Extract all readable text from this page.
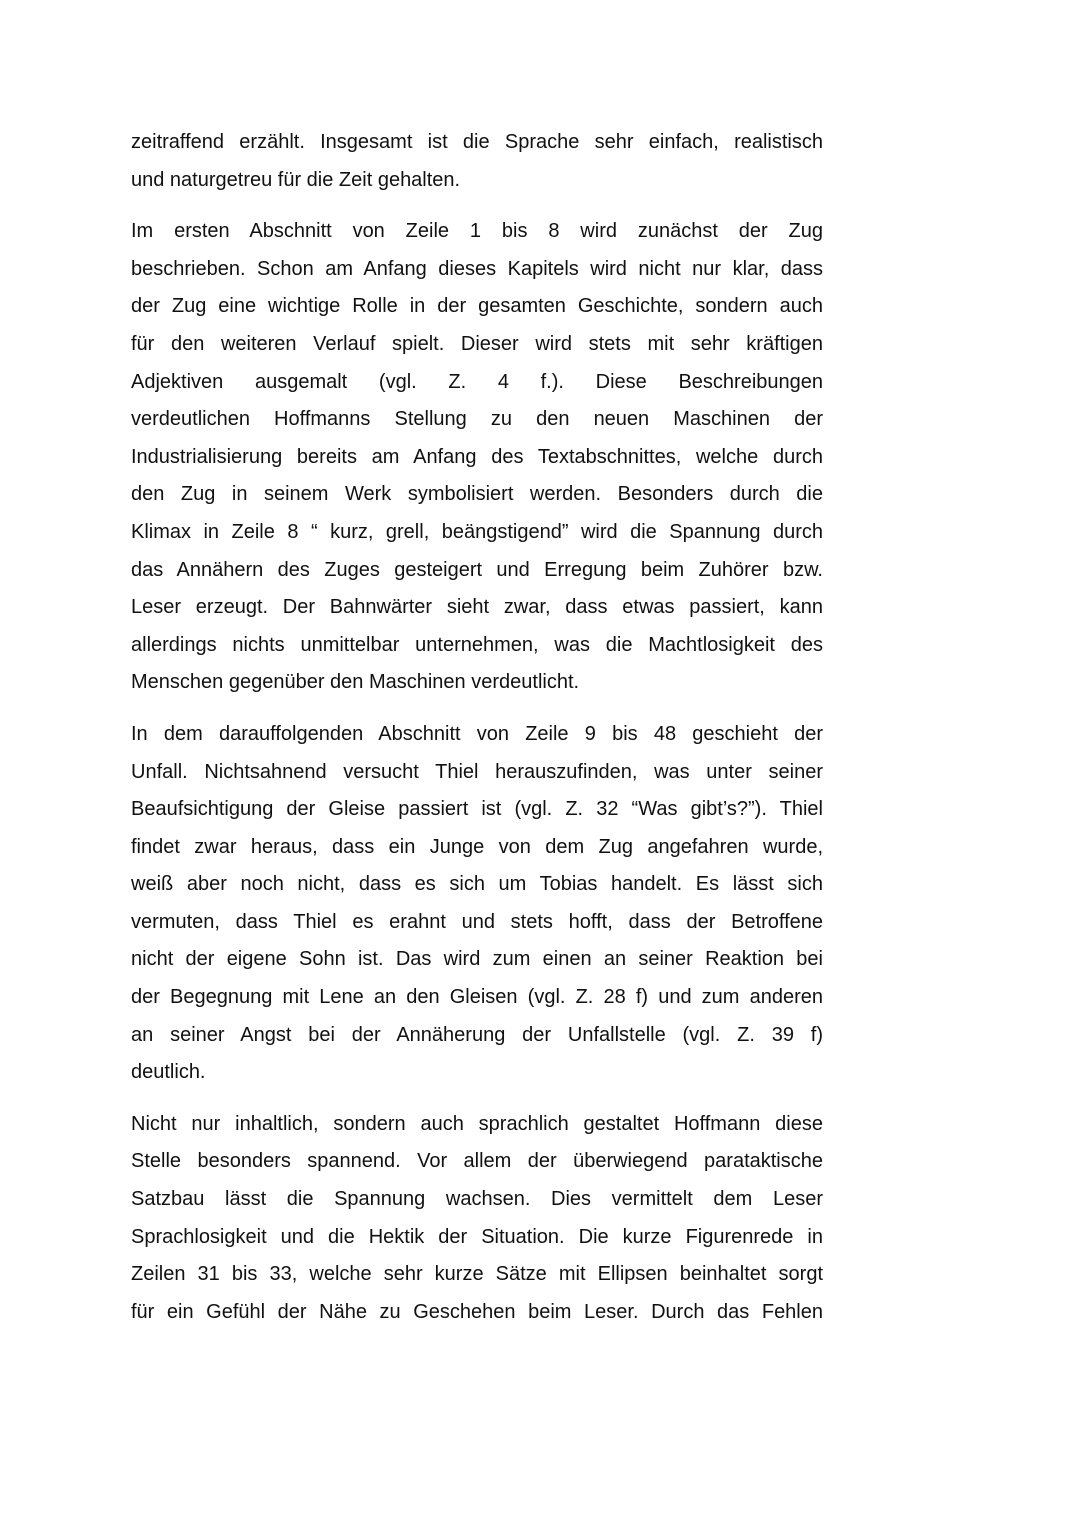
zeitraffend erzählt. Insgesamt ist die Sprache sehr einfach, realistisch
und naturgetreu für die Zeit gehalten.
Im ersten Abschnitt von Zeile 1 bis 8 wird zunächst der Zug
beschrieben. Schon am Anfang dieses Kapitels wird nicht nur klar, dass
der Zug eine wichtige Rolle in der gesamten Geschichte, sondern auch
für den weiteren Verlauf spielt. Dieser wird stets mit sehr kräftigen
Adjektiven ausgemalt (vgl. Z. 4 f.). Diese Beschreibungen
verdeutlichen Hoffmanns Stellung zu den neuen Maschinen der
Industrialisierung bereits am Anfang des Textabschnittes, welche durch
den Zug in seinem Werk symbolisiert werden. Besonders durch die
Klimax in Zeile 8 “ kurz, grell, beängstigend” wird die Spannung durch
das Annähern des Zuges gesteigert und Erregung beim Zuhörer bzw.
Leser erzeugt. Der Bahnwärter sieht zwar, dass etwas passiert, kann
allerdings nichts unmittelbar unternehmen, was die Machtlosigkeit des
Menschen gegenüber den Maschinen verdeutlicht.
In dem darauffolgenden Abschnitt von Zeile 9 bis 48 geschieht der
Unfall. Nichtsahnend versucht Thiel herauszufinden, was unter seiner
Beaufsichtigung der Gleise passiert ist (vgl. Z. 32 “Was gibt’s?”). Thiel
findet zwar heraus, dass ein Junge von dem Zug angefahren wurde,
weiß aber noch nicht, dass es sich um Tobias handelt. Es lässt sich
vermuten, dass Thiel es erahnt und stets hofft, dass der Betroffene
nicht der eigene Sohn ist. Das wird zum einen an seiner Reaktion bei
der Begegnung mit Lene an den Gleisen (vgl. Z. 28 f) und zum anderen
an seiner Angst bei der Annäherung der Unfallstelle (vgl. Z. 39 f)
deutlich.
Nicht nur inhaltlich, sondern auch sprachlich gestaltet Hoffmann diese
Stelle besonders spannend. Vor allem der überwiegend parataktische
Satzbau lässt die Spannung wachsen. Dies vermittelt dem Leser
Sprachlosigkeit und die Hektik der Situation. Die kurze Figurenrede in
Zeilen 31 bis 33, welche sehr kurze Sätze mit Ellipsen beinhaltet sorgt
für ein Gefühl der Nähe zu Geschehen beim Leser. Durch das Fehlen
